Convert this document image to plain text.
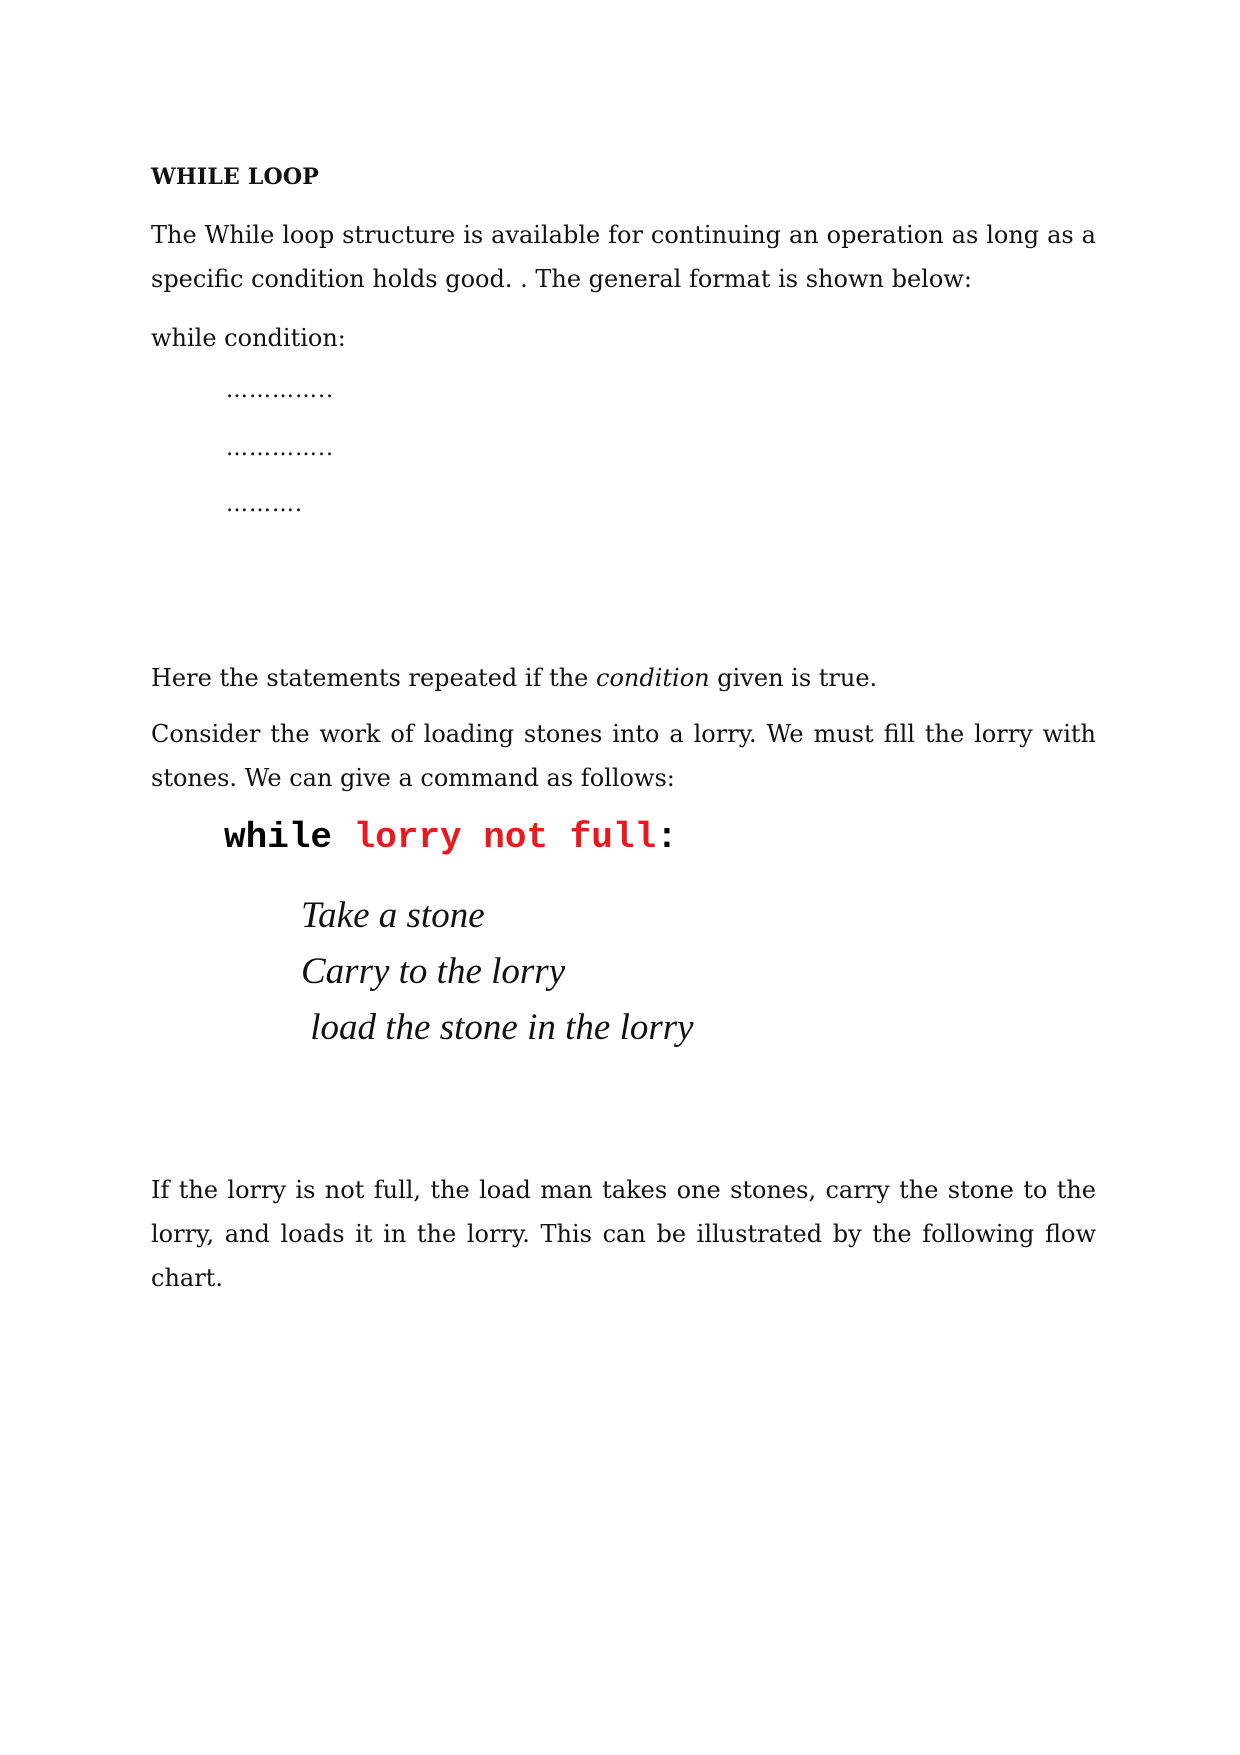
WHILE LOOP
The While loop structure is available for continuing an operation as long as a specific condition holds good. . The general format is shown below:
while condition:
…………..
…………..
……….
Here the statements repeated if the condition given is true.
Consider the work of loading stones into a lorry. We must fill the lorry with stones. We can give a command as follows:
while lorry not full:
Take a stone
Carry to the lorry
load the stone in the lorry
If the lorry is not full, the load man takes one stones, carry the stone to the lorry, and loads it in the lorry. This can be illustrated by the following flow chart.
